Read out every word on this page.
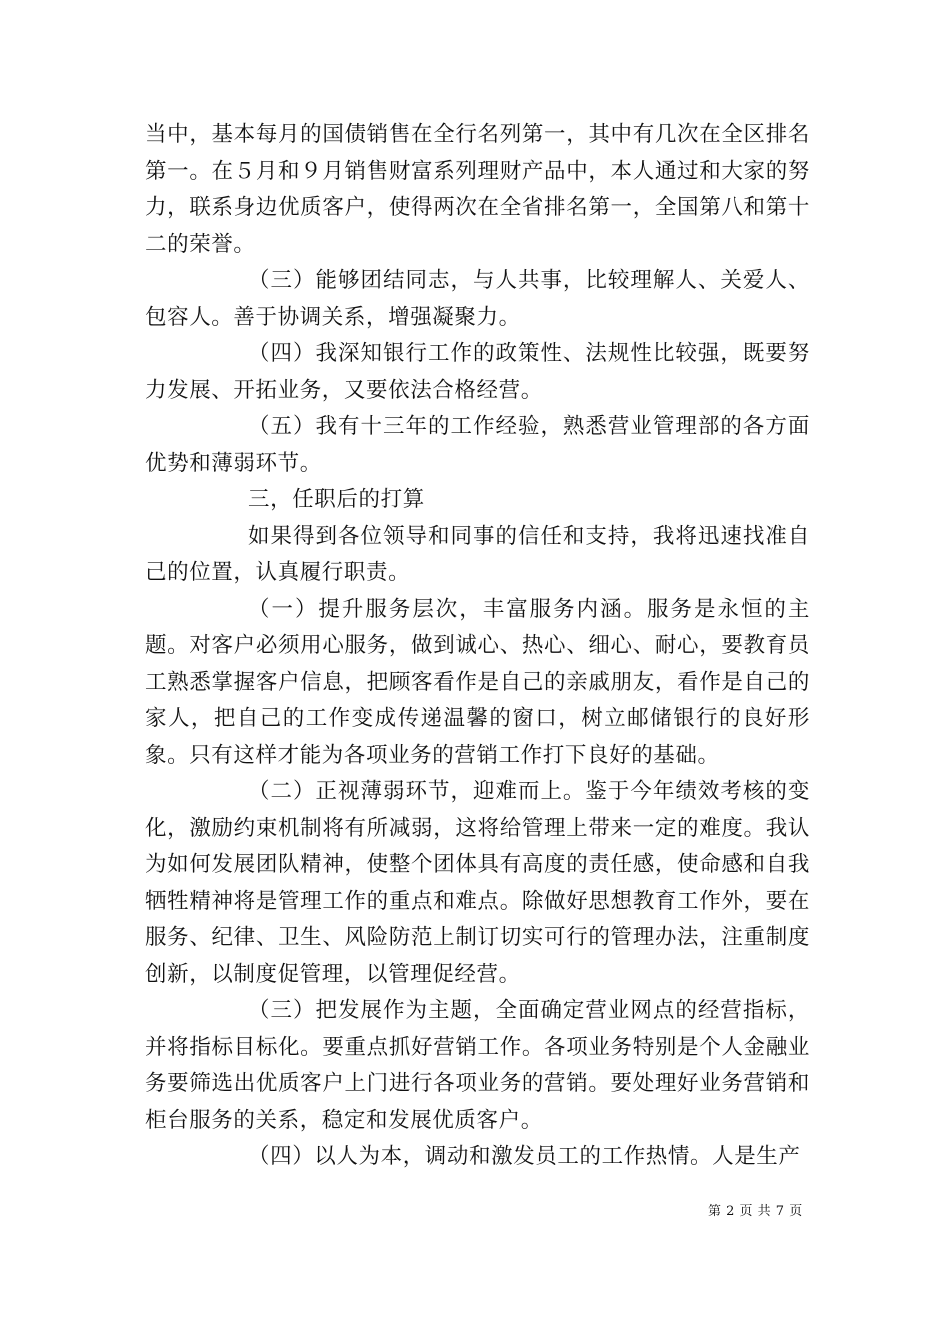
当中，基本每月的国债销售在全行名列第一，其中有几次在全区排名第一。在５月和９月销售财富系列理财产品中，本人通过和大家的努力，联系身边优质客户，使得两次在全省排名第一，全国第八和第十二的荣誉。

（三）能够团结同志，与人共事，比较理解人、关爱人、包容人。善于协调关系，增强凝聚力。

（四）我深知银行工作的政策性、法规性比较强，既要努力发展、开拓业务，又要依法合格经营。

（五）我有十三年的工作经验，熟悉营业管理部的各方面优势和薄弱环节。

三，任职后的打算

如果得到各位领导和同事的信任和支持，我将迅速找准自己的位置，认真履行职责。

（一）提升服务层次，丰富服务内涵。服务是永恒的主题。对客户必须用心服务，做到诚心、热心、细心、耐心，要教育员工熟悉掌握客户信息，把顾客看作是自己的亲戚朋友，看作是自己的家人，把自己的工作变成传递温馨的窗口，树立邮储银行的良好形象。只有这样才能为各项业务的营销工作打下良好的基础。

（二）正视薄弱环节，迎难而上。鉴于今年绩效考核的变化，激励约束机制将有所减弱，这将给管理上带来一定的难度。我认为如何发展团队精神，使整个团体具有高度的责任感，使命感和自我牺牲精神将是管理工作的重点和难点。除做好思想教育工作外，要在服务、纪律、卫生、风险防范上制订切实可行的管理办法，注重制度创新，以制度促管理，以管理促经营。

（三）把发展作为主题，全面确定营业网点的经营指标，并将指标目标化。要重点抓好营销工作。各项业务特别是个人金融业务要筛选出优质客户上门进行各项业务的营销。要处理好业务营销和柜台服务的关系，稳定和发展优质客户。

（四）以人为本，调动和激发员工的工作热情。人是生产

第 2 页 共 7 页
